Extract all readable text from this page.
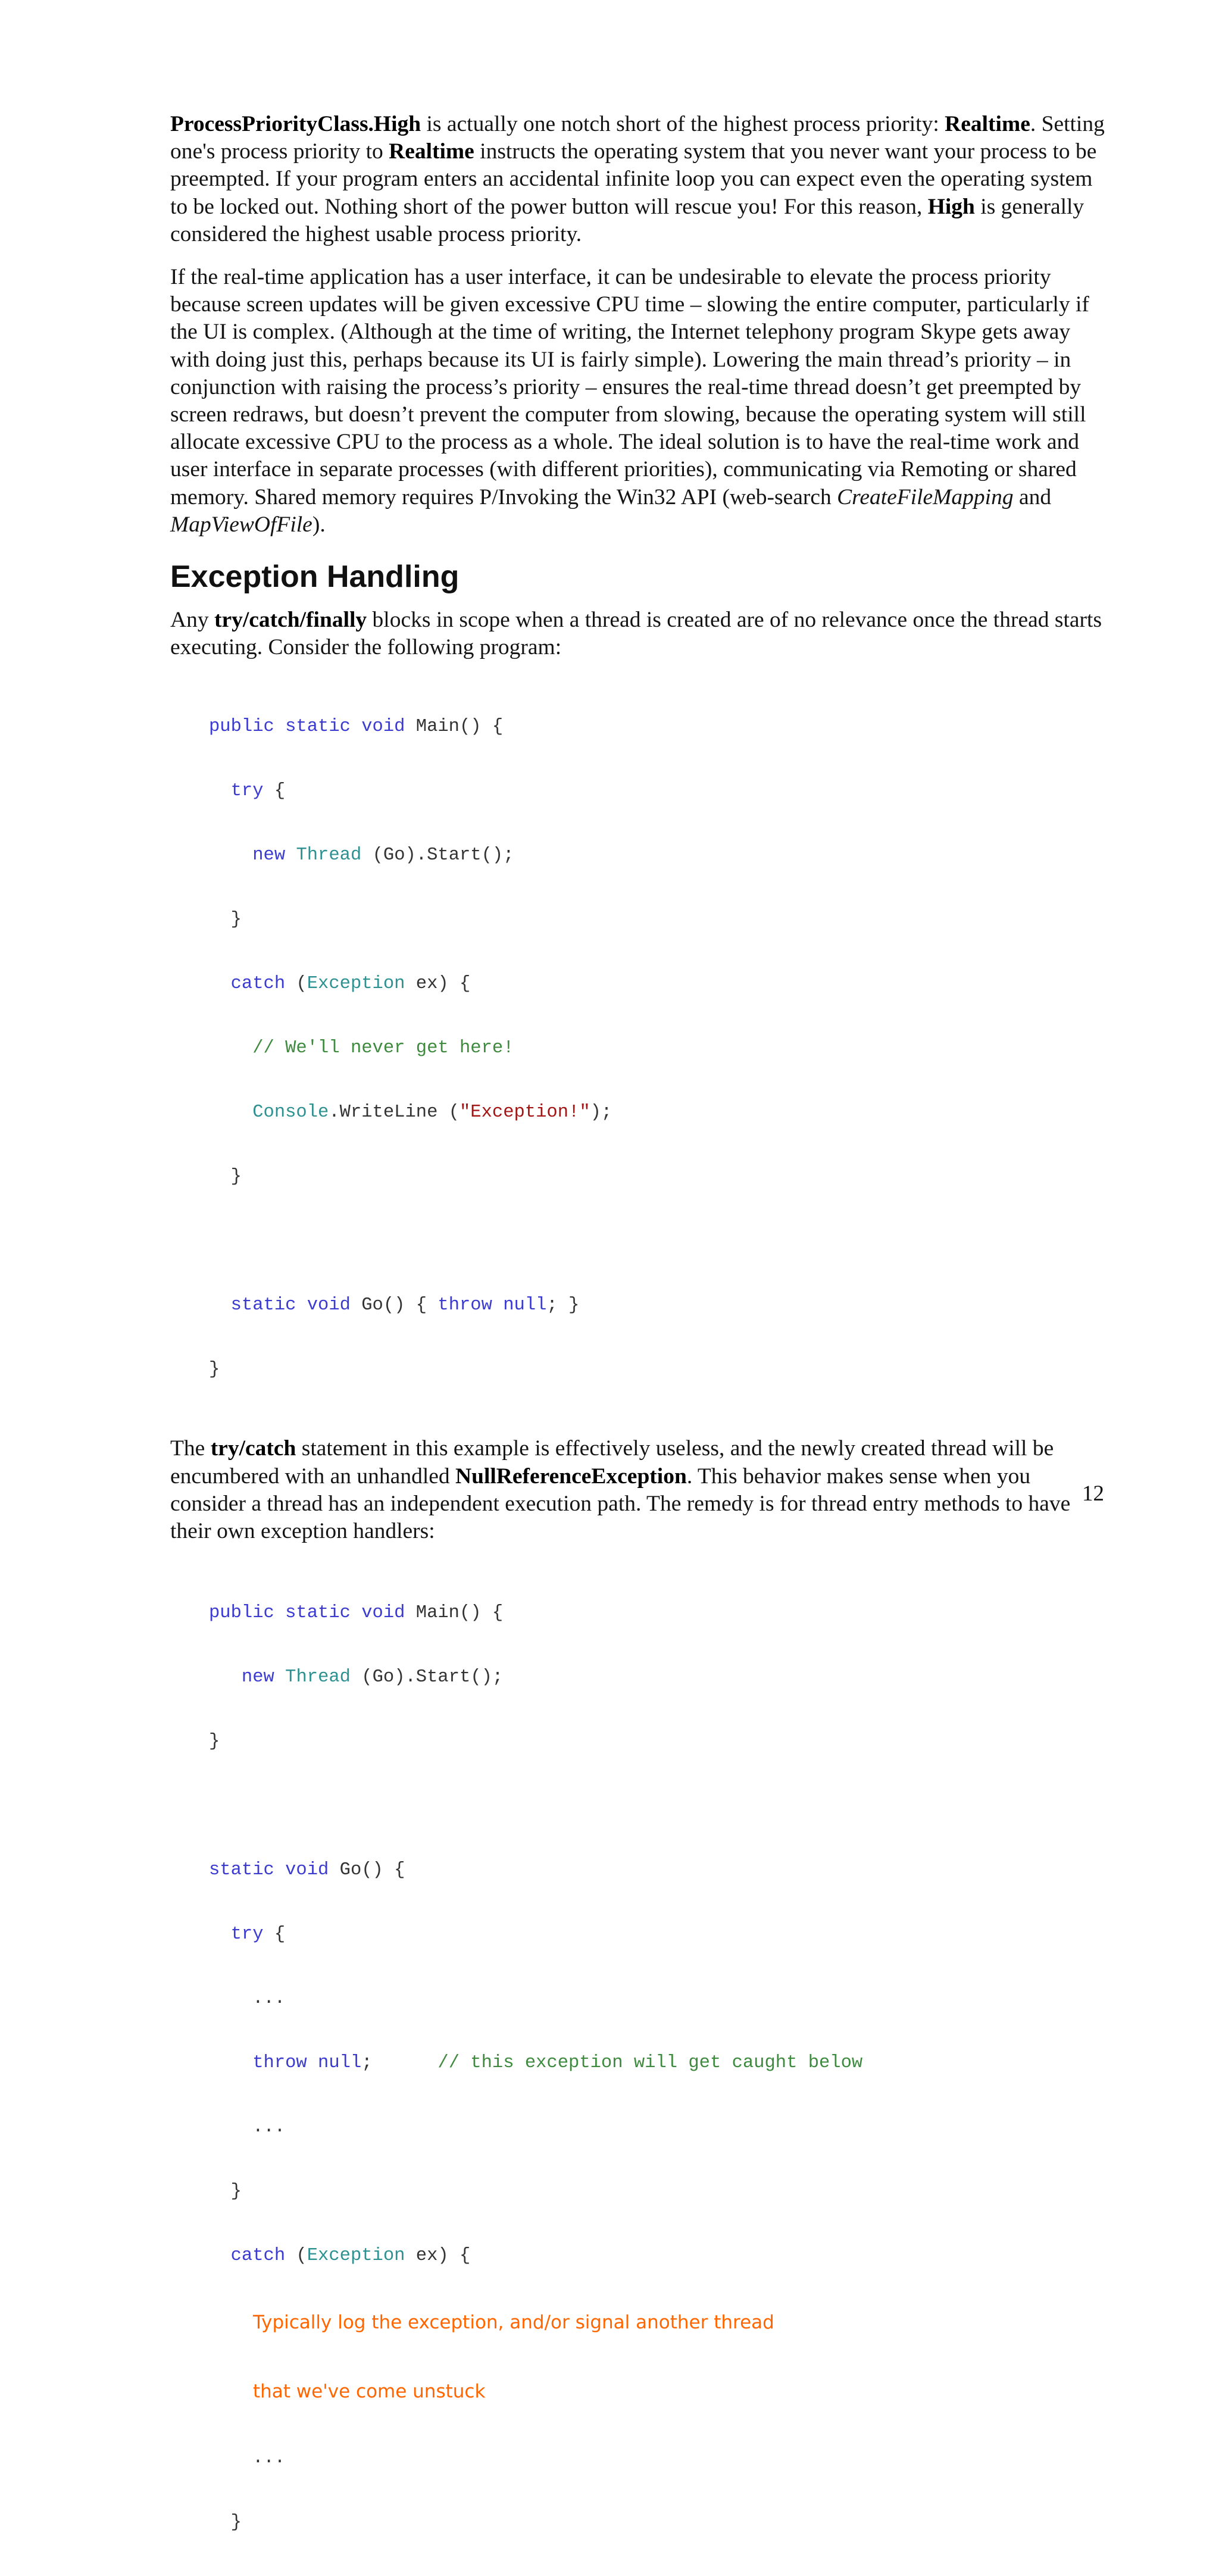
ProcessPriorityClass.High is actually one notch short of the highest process priority: Realtime. Setting one's process priority to Realtime instructs the operating system that you never want your process to be preempted. If your program enters an accidental infinite loop you can expect even the operating system to be locked out. Nothing short of the power button will rescue you! For this reason, High is generally considered the highest usable process priority.

If the real-time application has a user interface, it can be undesirable to elevate the process priority because screen updates will be given excessive CPU time – slowing the entire computer, particularly if the UI is complex. (Although at the time of writing, the Internet telephony program Skype gets away with doing just this, perhaps because its UI is fairly simple). Lowering the main thread’s priority – in conjunction with raising the process’s priority – ensures the real-time thread doesn’t get preempted by screen redraws, but doesn’t prevent the computer from slowing, because the operating system will still allocate excessive CPU to the process as a whole. The ideal solution is to have the real-time work and user interface in separate processes (with different priorities), communicating via Remoting or shared memory. Shared memory requires P/Invoking the Win32 API (web-search CreateFileMapping and MapViewOfFile).

Exception Handling

Any try/catch/finally blocks in scope when a thread is created are of no relevance once the thread starts executing. Consider the following program:

public static void Main() {

try {

new Thread (Go).Start();

}

catch (Exception ex) {

// We'll never get here!

Console.WriteLine ("Exception!");

}

static void Go() { throw null; }

}

The try/catch statement in this example is effectively useless, and the newly created thread will be encumbered with an unhandled NullReferenceException. This behavior makes sense when you consider a thread has an independent execution path. The remedy is for thread entry methods to have their own exception handlers:

public static void Main() {

new Thread (Go).Start();

}

static void Go() {

try {

...

throw null;	// this exception will get caught below

...

}

catch (Exception ex) {

Typically log the exception, and/or signal another thread

that we've come unstuck

...

}

12
